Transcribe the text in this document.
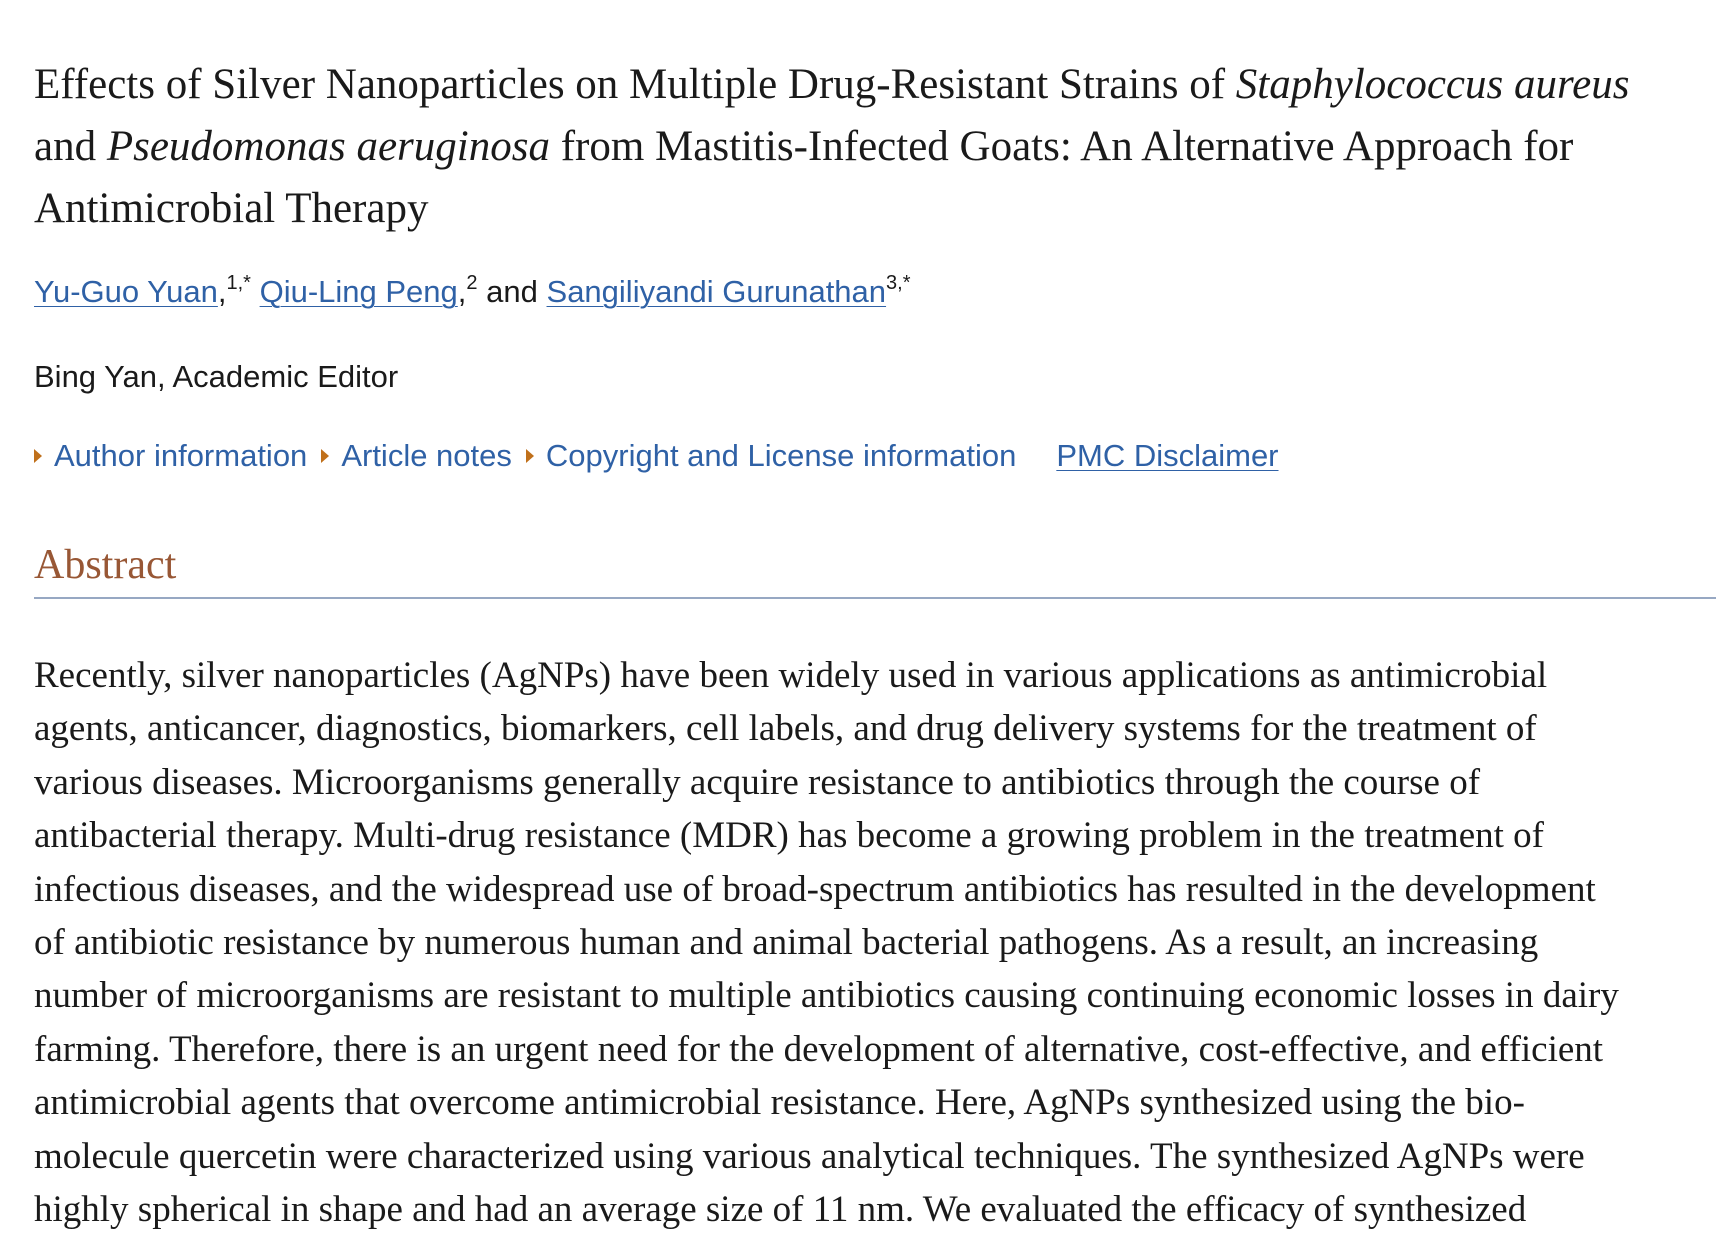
Effects of Silver Nanoparticles on Multiple Drug-Resistant Strains of Staphylococcus aureus and Pseudomonas aeruginosa from Mastitis-Infected Goats: An Alternative Approach for Antimicrobial Therapy
Yu-Guo Yuan,$^{1,*}$ Qiu-Ling Peng,$^2$ and Sangiliyandi Gurunathan$^{3,*}$
Bing Yan, Academic Editor
Author information Article notes Copyright and License information PMC Disclaimer
Abstract

Recently, silver nanoparticles (AgNPs) have been widely used in various applications as antimicrobial
agents, anticancer, diagnostics, biomarkers, cell labels, and drug delivery systems for the treatment of
various diseases. Microorganisms generally acquire resistance to antibiotics through the course of
antibacterial therapy. Multi-drug resistance (MDR) has become a growing problem in the treatment of
infectious diseases, and the widespread use of broad-spectrum antibiotics has resulted in the development
of antibiotic resistance by numerous human and animal bacterial pathogens. As a result, an increasing
number of microorganisms are resistant to multiple antibiotics causing continuing economic losses in dairy
farming. Therefore, there is an urgent need for the development of alternative, cost-effective, and efficient
antimicrobial agents that overcome antimicrobial resistance. Here, AgNPs synthesized using the bio-
molecule quercetin were characterized using various analytical techniques. The synthesized AgNPs were
highly spherical in shape and had an average size of 11 nm. We evaluated the efficacy of synthesized
